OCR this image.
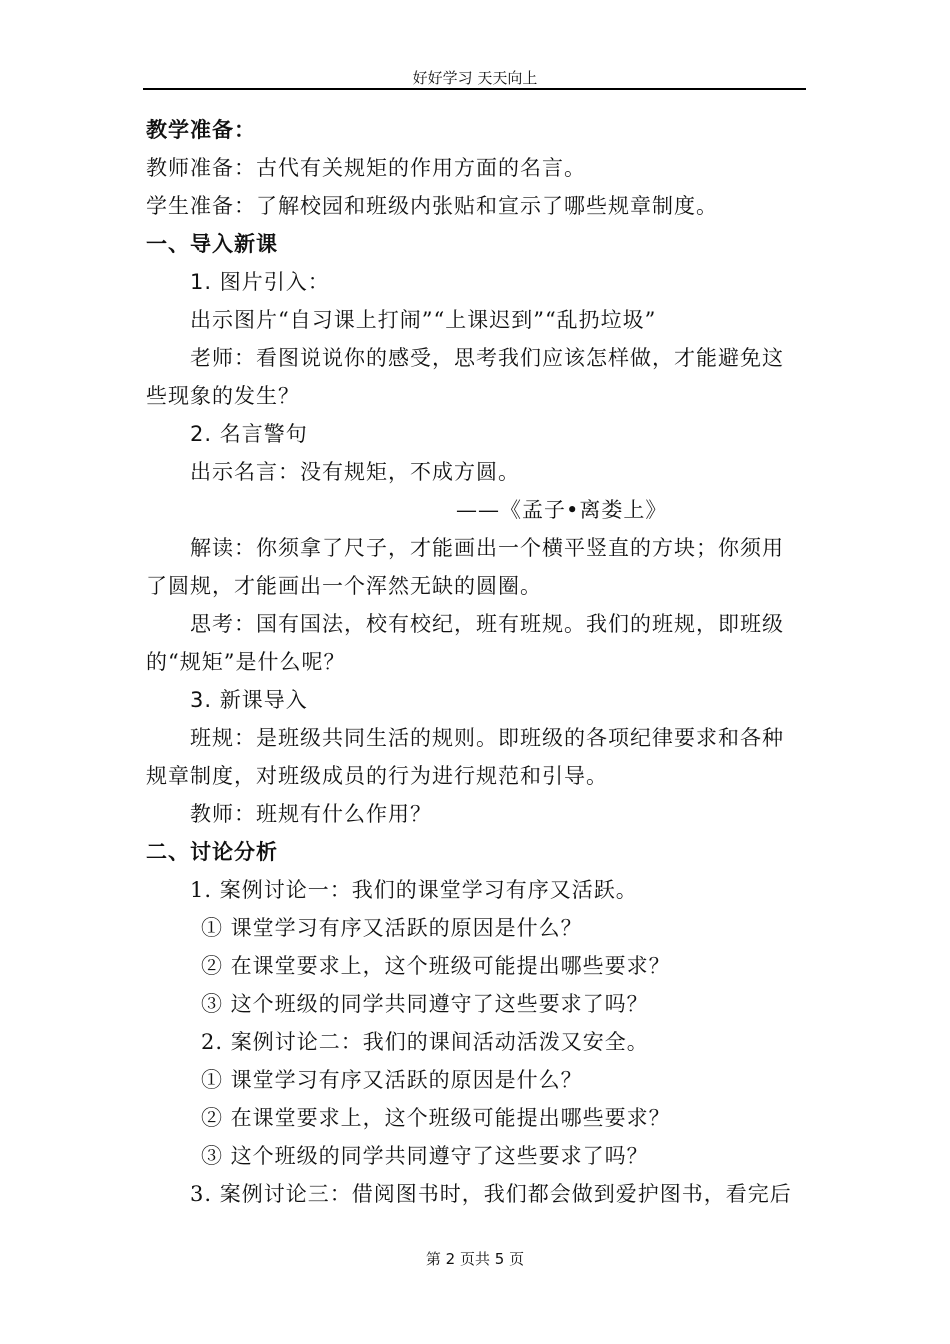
好好学习 天天向上
教学准备：
教师准备：古代有关规矩的作用方面的名言。
学生准备：了解校园和班级内张贴和宣示了哪些规章制度。
一、导入新课
1. 图片引入：
出示图片“自习课上打闹”“上课迟到”“乱扔垃圾”
老师：看图说说你的感受，思考我们应该怎样做，才能避免这
些现象的发生？
2. 名言警句
出示名言：没有规矩，不成方圆。
——《孟子•离娄上》
解读：你须拿了尺子，才能画出一个横平竖直的方块；你须用
了圆规，才能画出一个浑然无缺的圆圈。
思考：国有国法，校有校纪，班有班规。我们的班规，即班级
的“规矩”是什么呢？
3. 新课导入
班规：是班级共同生活的规则。即班级的各项纪律要求和各种
规章制度，对班级成员的行为进行规范和引导。
教师：班规有什么作用？
二、讨论分析
1. 案例讨论一：我们的课堂学习有序又活跃。
① 课堂学习有序又活跃的原因是什么？
② 在课堂要求上，这个班级可能提出哪些要求？
③ 这个班级的同学共同遵守了这些要求了吗？
2. 案例讨论二：我们的课间活动活泼又安全。
① 课堂学习有序又活跃的原因是什么？
② 在课堂要求上，这个班级可能提出哪些要求？
③ 这个班级的同学共同遵守了这些要求了吗？
3. 案例讨论三：借阅图书时，我们都会做到爱护图书，看完后
第 2 页共 5 页
